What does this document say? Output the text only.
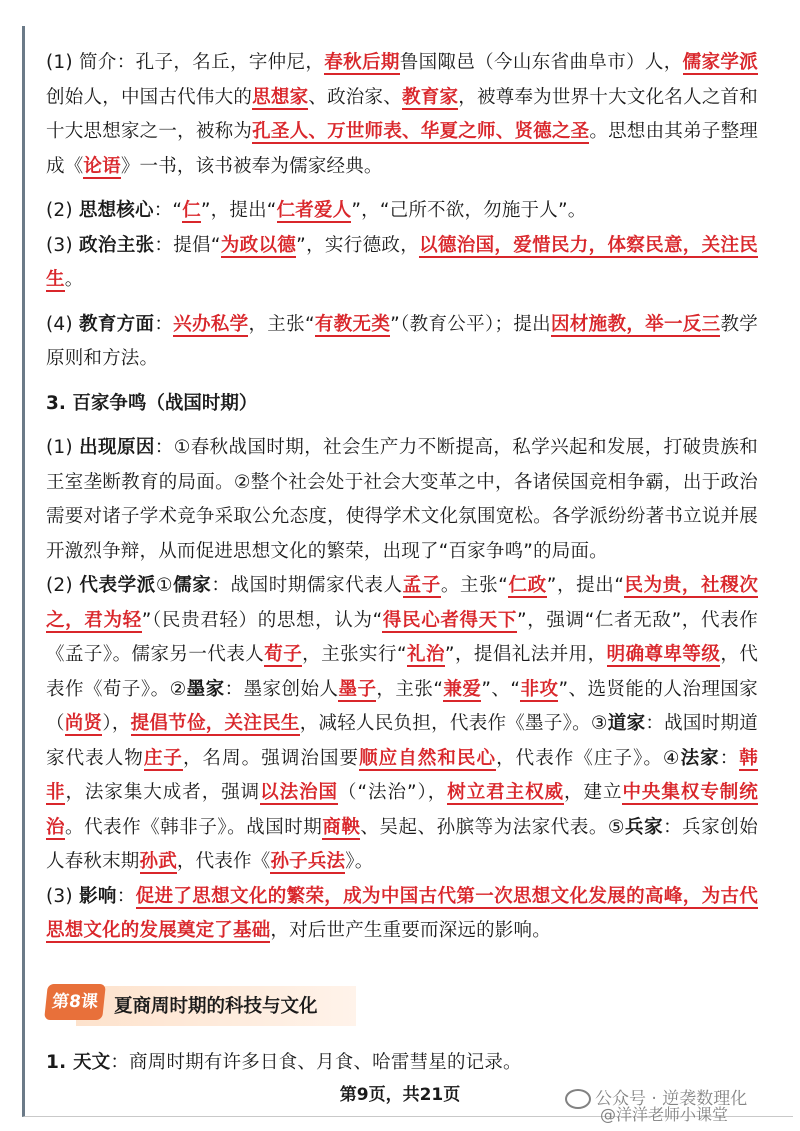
(1) 简介：孔子，名丘，字仲尼，春秋后期鲁国陬邑（今山东省曲阜市）人，儒家学派创始人，中国古代伟大的思想家、政治家、教育家，被尊奉为世界十大文化名人之首和十大思想家之一，被称为孔圣人、万世师表、华夏之师、贤德之圣。思想由其弟子整理成《论语》一书，该书被奉为儒家经典。

(2) 思想核心：“仁”，提出“仁者爱人”，“己所不欲，勿施于人”。

(3) 政治主张：提倡“为政以德”，实行德政，以德治国，爱惜民力，体察民意，关注民生。

(4) 教育方面：兴办私学，主张“有教无类”（教育公平）；提出因材施教，举一反三教学原则和方法。

3. 百家争鸣（战国时期）

(1) 出现原因：①春秋战国时期，社会生产力不断提高，私学兴起和发展，打破贵族和王室垄断教育的局面。②整个社会处于社会大变革之中，各诸侯国竞相争霸，出于政治需要对诸子学术竞争采取公允态度，使得学术文化氛围宽松。各学派纷纷著书立说并展开激烈争辩，从而促进思想文化的繁荣，出现了“百家争鸣”的局面。

(2) 代表学派①儒家：战国时期儒家代表人孟子。主张“仁政”，提出“民为贵，社稷次之，君为轻”（民贵君轻）的思想，认为“得民心者得天下”，强调“仁者无敌”，代表作《孟子》。儒家另一代表人荀子，主张实行“礼治”，提倡礼法并用，明确尊卑等级，代表作《荀子》。②墨家：墨家创始人墨子，主张“兼爱”、“非攻”、选贤能的人治理国家（尚贤），提倡节俭，关注民生，减轻人民负担，代表作《墨子》。③道家：战国时期道家代表人物庄子，名周。强调治国要顺应自然和民心，代表作《庄子》。④法家：韩非，法家集大成者，强调以法治国（“法治”），树立君主权威，建立中央集权专制统治。代表作《韩非子》。战国时期商鞅、吴起、孙膑等为法家代表。⑤兵家：兵家创始人春秋末期孙武，代表作《孙子兵法》。

(3) 影响：促进了思想文化的繁荣，成为中国古代第一次思想文化发展的高峰，为古代思想文化的发展奠定了基础，对后世产生重要而深远的影响。

第8课 夏商周时期的科技与文化

1. 天文：商周时期有许多日食、月食、哈雷彗星的记录。

第9页，共21页	公众号 · 逆袭数理化
@洋洋老师小课堂
